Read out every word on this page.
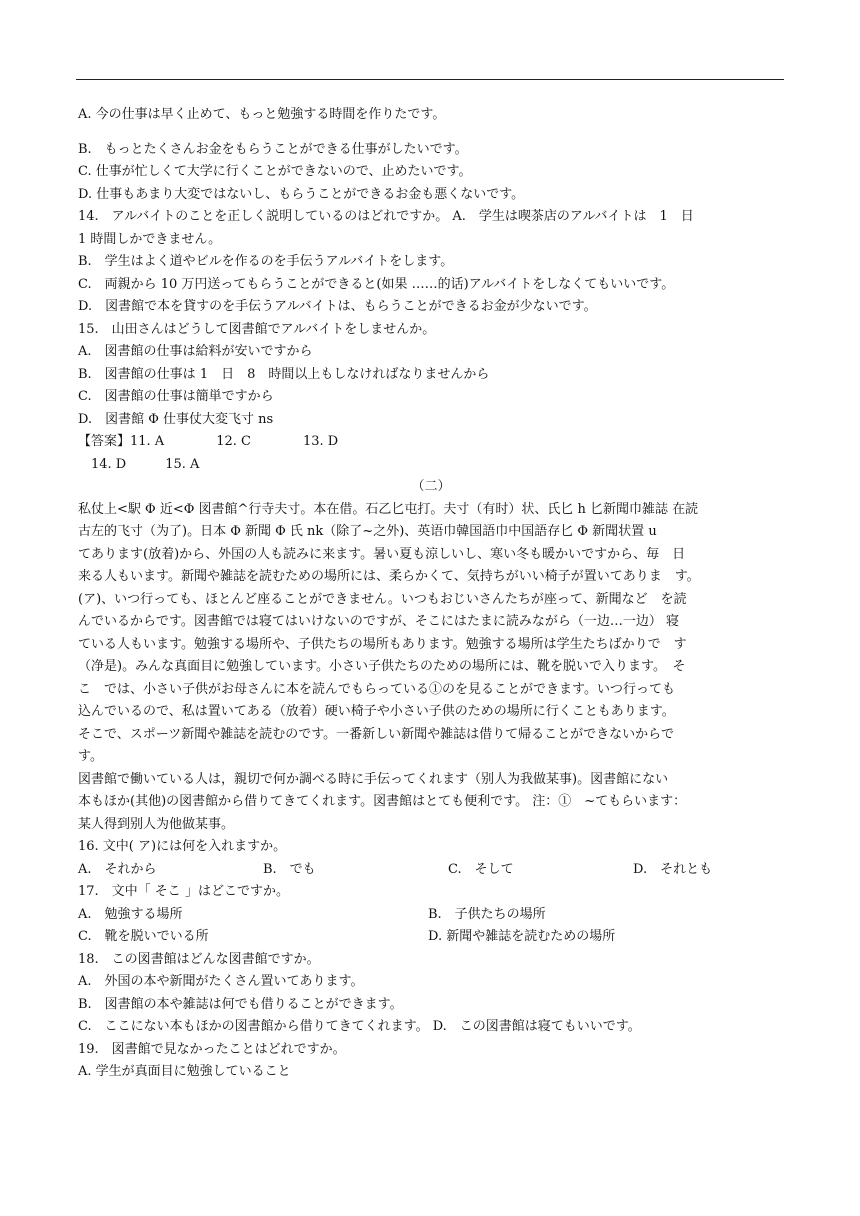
A. 今の仕事は早く止めて、もっと勉強する時間を作りたです。
B.　もっとたくさんお金をもらうことができる仕事がしたいです。
C. 仕事が忙しくて大学に行くことができないので、止めたいです。
D. 仕事もあまり大変ではないし、もらうことができるお金も悪くないです。
14.　アルバイトのことを正しく説明しているのはどれですか。 A.　学生は喫茶店のアルバイトは　1　日
1 時間しかできません。
B.　学生はよく道やビルを作るのを手伝うアルバイトをします。
C.　両親から 10 万円送ってもらうことができると(如果 ……的话)アルバイトをしなくてもいいです。
D.　図書館で本を貸すのを手伝うアルバイトは、もらうことができるお金が少ないです。
15.　山田さんはどうして図書館でアルバイトをしませんか。
A.　図書館の仕事は給料が安いですから
B.　図書館の仕事は 1　日　8　時間以上もしなければなりませんから
C.　図書館の仕事は簡単ですから
D.　図書館 Φ 仕事仗大変飞寸 ns
【答案】11. A　　　　12. C　　　　13. D
　14. D　　　15. A
（二）
私仗上<駅 Φ 近<Φ 図書館^行寺夫寸。本在借。石乙匕屯打。夫寸（有时）状、氏匕 h 匕新聞巾雑誌 在読
古左的飞寸（为了)。日本 Φ 新聞 Φ 氏 nk（除了~之外)、英语巾韓国語巾中国語存匕 Φ 新聞状置 u
てあります(放着)から、外国の人も読みに来ます。暑い夏も涼しいし、寒い冬も暖かいですから、毎　日
来る人もいます。新聞や雑誌を読むための場所には、柔らかくて、気持ちがいい椅子が置いてありま　す。
(ア)、いつ行っても、ほとんど座ることができません。いつもおじいさんたちが座って、新聞など　を読
んでいるからです。図書館では寝てはいけないのですが、そこにはたまに読みながら（一边…一边） 寝
ている人もいます。勉強する場所や、子供たちの場所もあります。勉強する場所は学生たちばかりで　す
（净是)。みんな真面目に勉強しています。小さい子供たちのための場所には、靴を脱いで入ります。　そ
こ　では、小さい子供がお母さんに本を読んでもらっている①のを見ることができます。いつ行っても
込んでいるので、私は置いてある（放着）硬い椅子や小さい子供のための場所に行くこともあります。
そこで、スポーツ新聞や雑誌を読むのです。一番新しい新聞や雑誌は借りて帰ることができないからで
す。
図書館で働いている人は，親切で何か調べる時に手伝ってくれます（别人为我做某事)。図書館にない
本もほか(其他)の図書館から借りてきてくれます。図書館はとても便利です。 注：①　~てもらいます：
某人得到别人为他做某事。
16. 文中( ア)には何を入れますか。
A.　それから	B.　でも	C.　そして	D.　それとも
17.　文中「 そこ 」はどこですか。
A.　勉強する場所	B.　子供たちの場所
C.　靴を脱いでいる所	D. 新聞や雑誌を読むための場所
18.　この図書館はどんな図書館ですか。
A.　外国の本や新聞がたくさん置いてあります。
B.　図書館の本や雑誌は何でも借りることができます。
C.　ここにない本もほかの図書館から借りてきてくれます。 D.　この図書館は寝てもいいです。
19.　図書館で見なかったことはどれですか。
A. 学生が真面目に勉強していること
